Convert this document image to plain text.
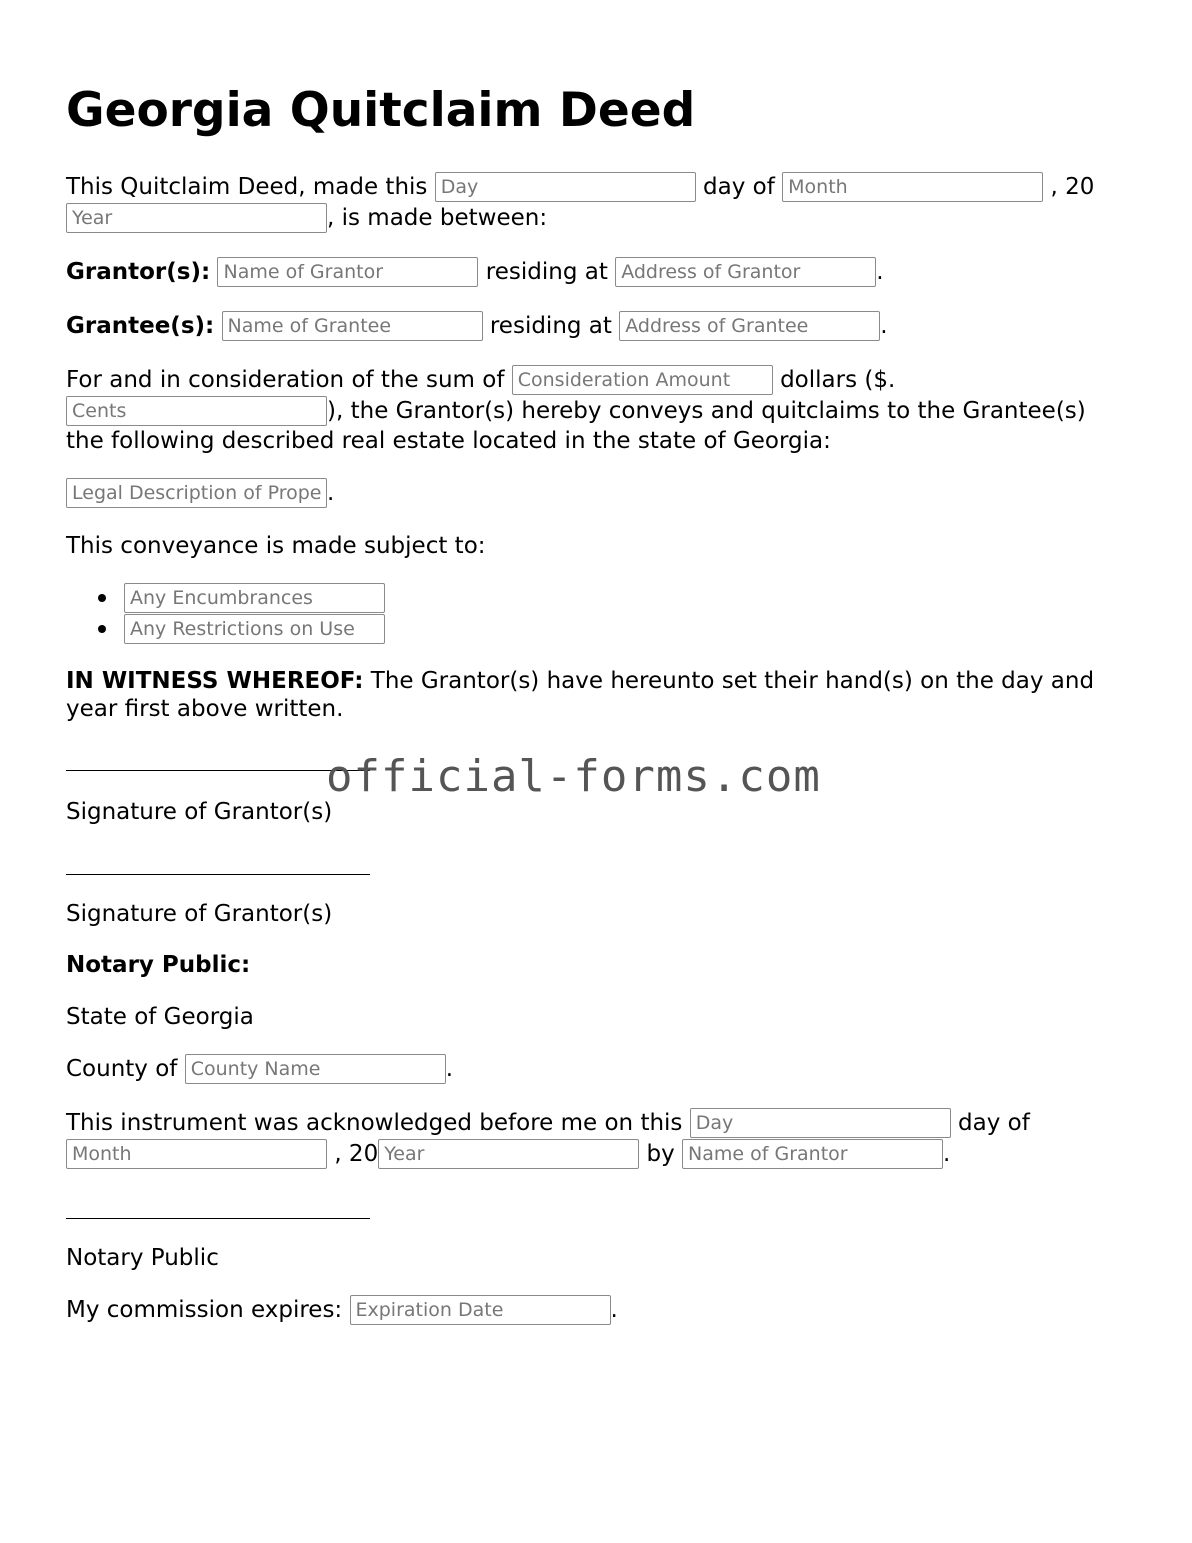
Georgia Quitclaim Deed
This Quitclaim Deed, made this Day	day of Month	, 20
Year, is made between:
Grantor(s): Name of Grantor	residing at Address of Grantor	.
Grantee(s): Name of Grantee	residing at Address of Grantee	.
For and in consideration of the sum of Consideration Amount	dollars ($.
Cents), the Grantor(s) hereby conveys and quitclaims to the Grantee(s)
the following described real estate located in the state of Georgia:
Legal Description of Property.
This conveyance is made subject to:
Any Encumbrances
Any Restrictions on Use
IN WITNESS WHEREOF: The Grantor(s) have hereunto set their hand(s) on the day and
year first above written.
official-forms.com
Signature of Grantor(s)
Signature of Grantor(s)
Notary Public:
State of Georgia
County of County Name	.
This instrument was acknowledged before me on this Day	day of
Month , 20Year	by Name of Grantor	.
Notary Public
My commission expires: Expiration Date	.
